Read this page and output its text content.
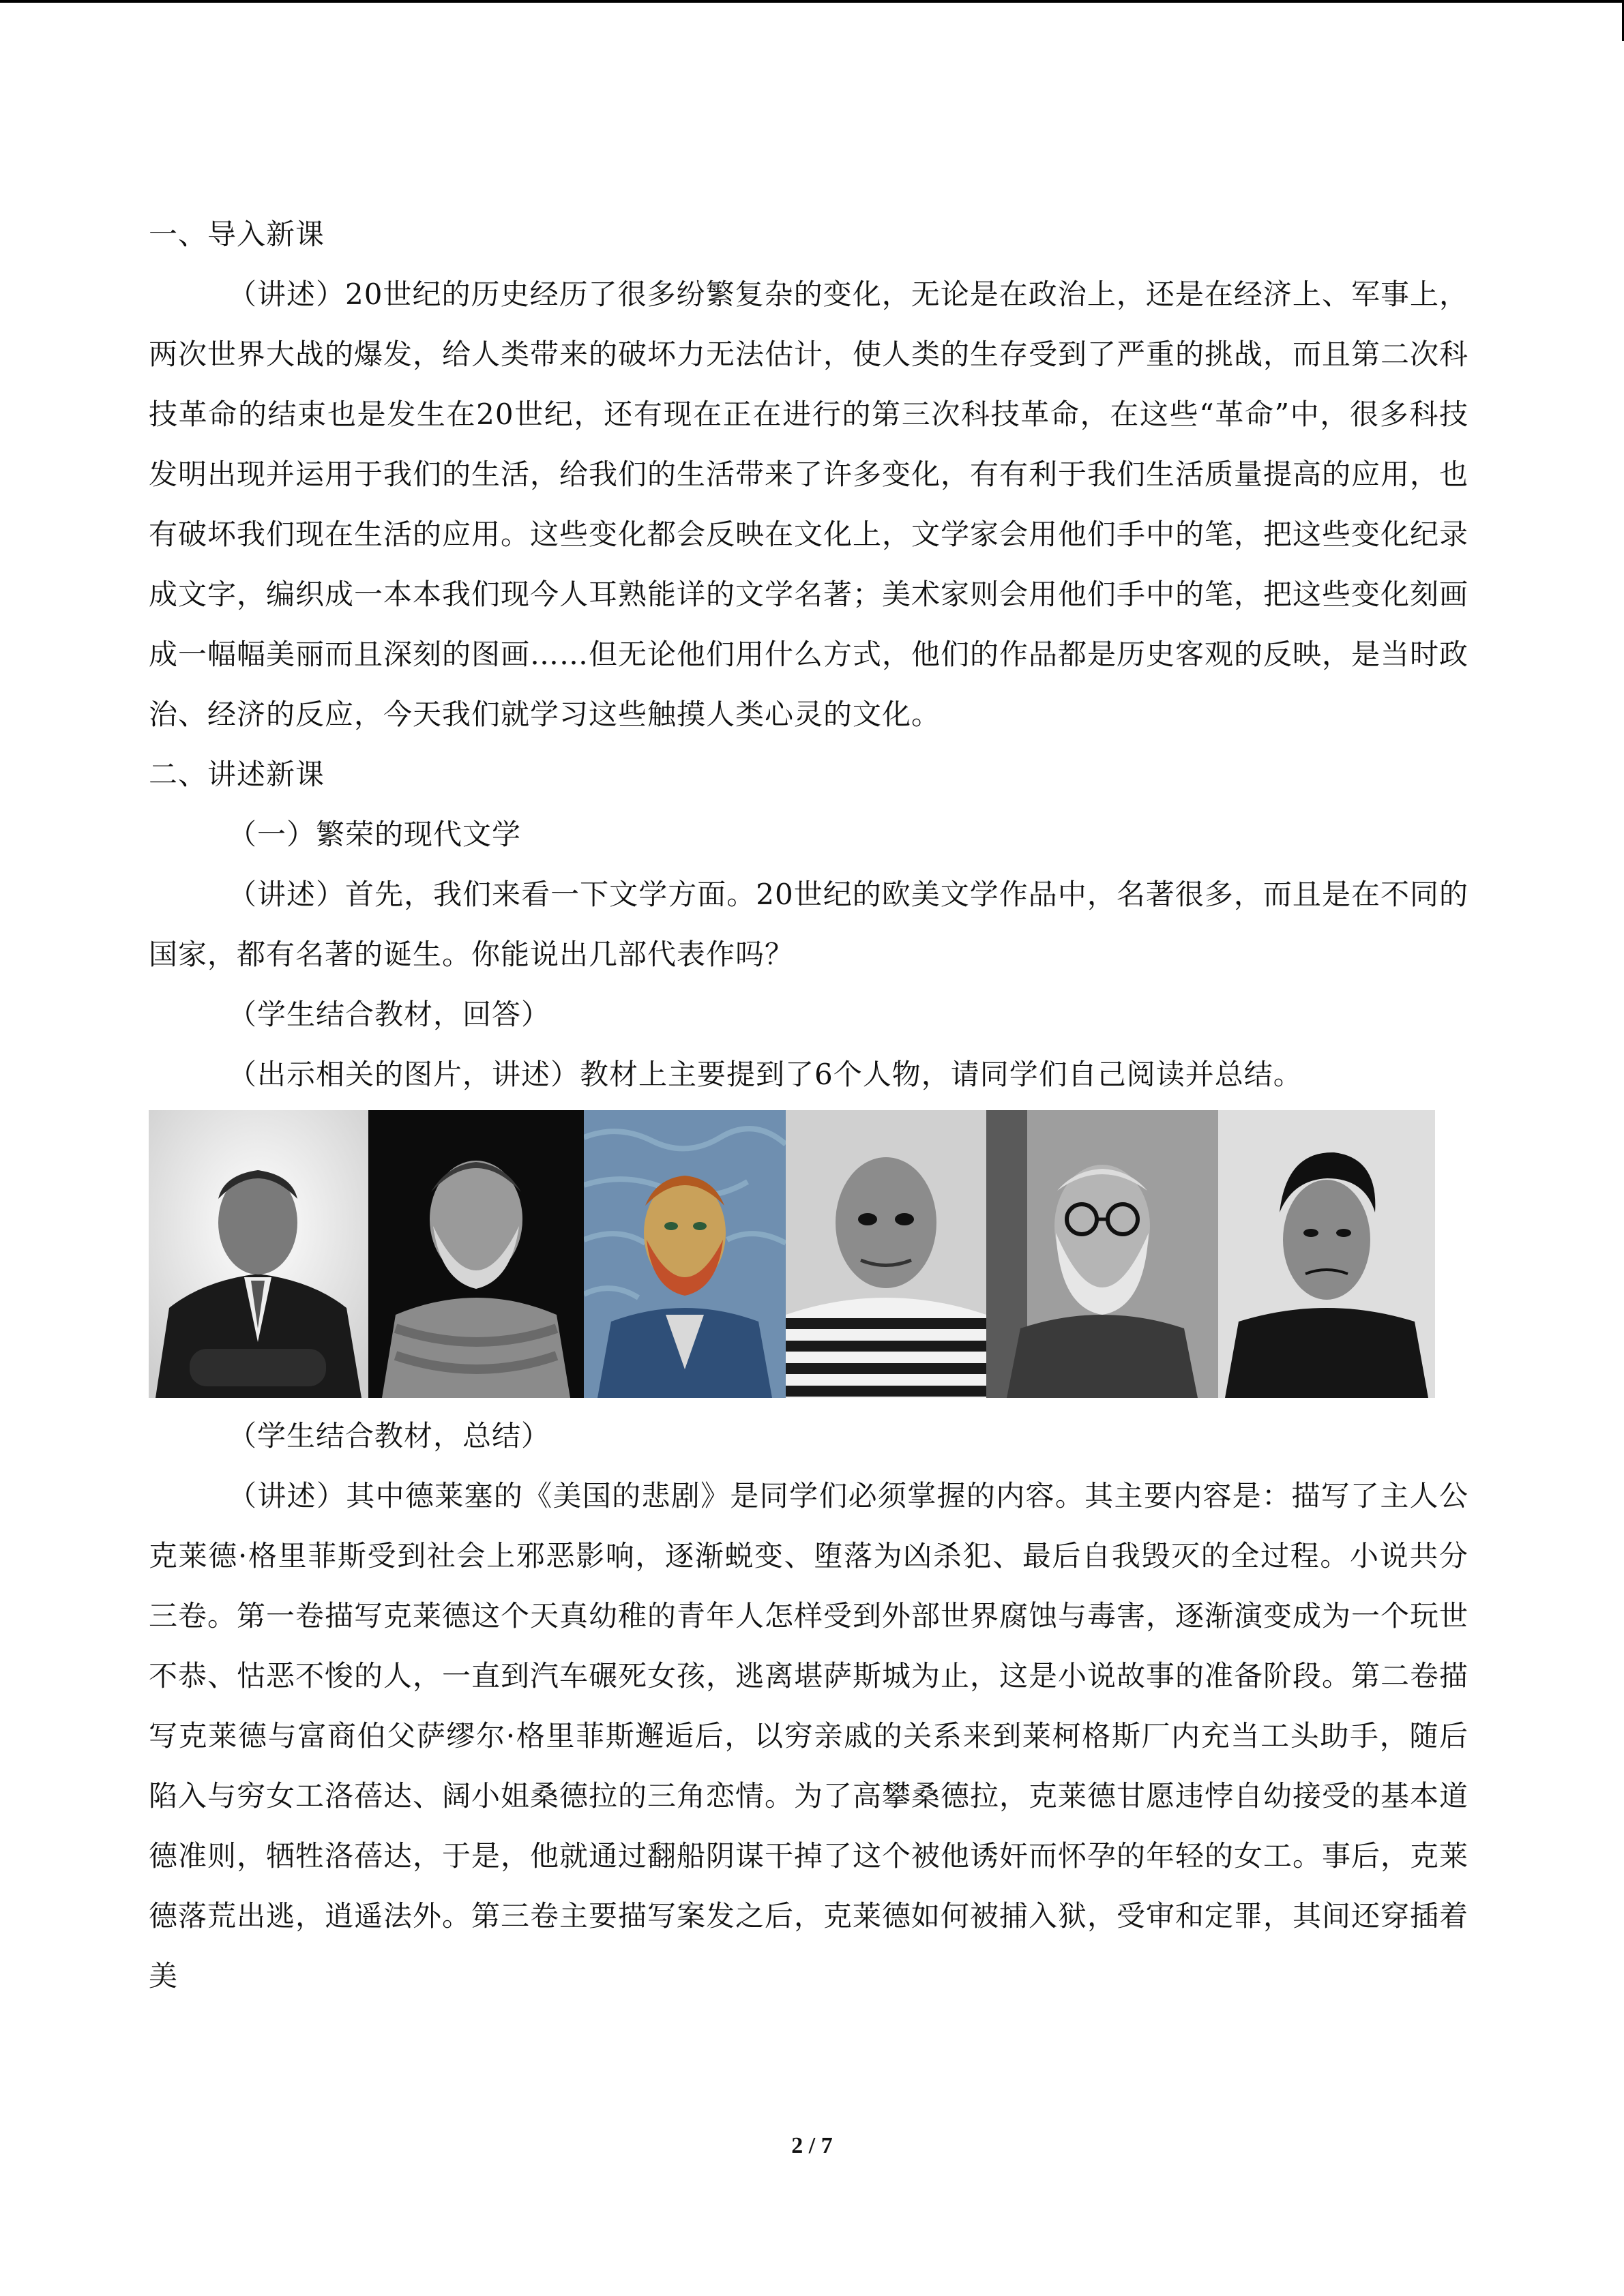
一、导入新课

（讲述）20世纪的历史经历了很多纷繁复杂的变化，无论是在政治上，还是在经济上、军事上，两次世界大战的爆发，给人类带来的破坏力无法估计，使人类的生存受到了严重的挑战，而且第二次科技革命的结束也是发生在20世纪，还有现在正在进行的第三次科技革命，在这些“革命”中，很多科技发明出现并运用于我们的生活，给我们的生活带来了许多变化，有有利于我们生活质量提高的应用，也有破坏我们现在生活的应用。这些变化都会反映在文化上，文学家会用他们手中的笔，把这些变化纪录成文字，编织成一本本我们现今人耳熟能详的文学名著；美术家则会用他们手中的笔，把这些变化刻画成一幅幅美丽而且深刻的图画……但无论他们用什么方式，他们的作品都是历史客观的反映，是当时政治、经济的反应，今天我们就学习这些触摸人类心灵的文化。

二、讲述新课

（一）繁荣的现代文学

（讲述）首先，我们来看一下文学方面。20世纪的欧美文学作品中，名著很多，而且是在不同的国家，都有名著的诞生。你能说出几部代表作吗？

（学生结合教材，回答）

（出示相关的图片，讲述）教材上主要提到了6个人物，请同学们自己阅读并总结。

（学生结合教材，总结）

（讲述）其中德莱塞的《美国的悲剧》是同学们必须掌握的内容。其主要内容是：描写了主人公克莱德·格里菲斯受到社会上邪恶影响，逐渐蜕变、堕落为凶杀犯、最后自我毁灭的全过程。小说共分三卷。第一卷描写克莱德这个天真幼稚的青年人怎样受到外部世界腐蚀与毒害，逐渐演变成为一个玩世不恭、怙恶不悛的人，一直到汽车碾死女孩，逃离堪萨斯城为止，这是小说故事的准备阶段。第二卷描写克莱德与富商伯父萨缪尔·格里菲斯邂逅后，以穷亲戚的关系来到莱柯格斯厂内充当工头助手，随后陷入与穷女工洛蓓达、阔小姐桑德拉的三角恋情。为了高攀桑德拉，克莱德甘愿违悖自幼接受的基本道德准则，牺牲洛蓓达，于是，他就通过翻船阴谋干掉了这个被他诱奸而怀孕的年轻的女工。事后，克莱德落荒出逃，逍遥法外。第三卷主要描写案发之后，克莱德如何被捕入狱，受审和定罪，其间还穿插着美

2 / 7
